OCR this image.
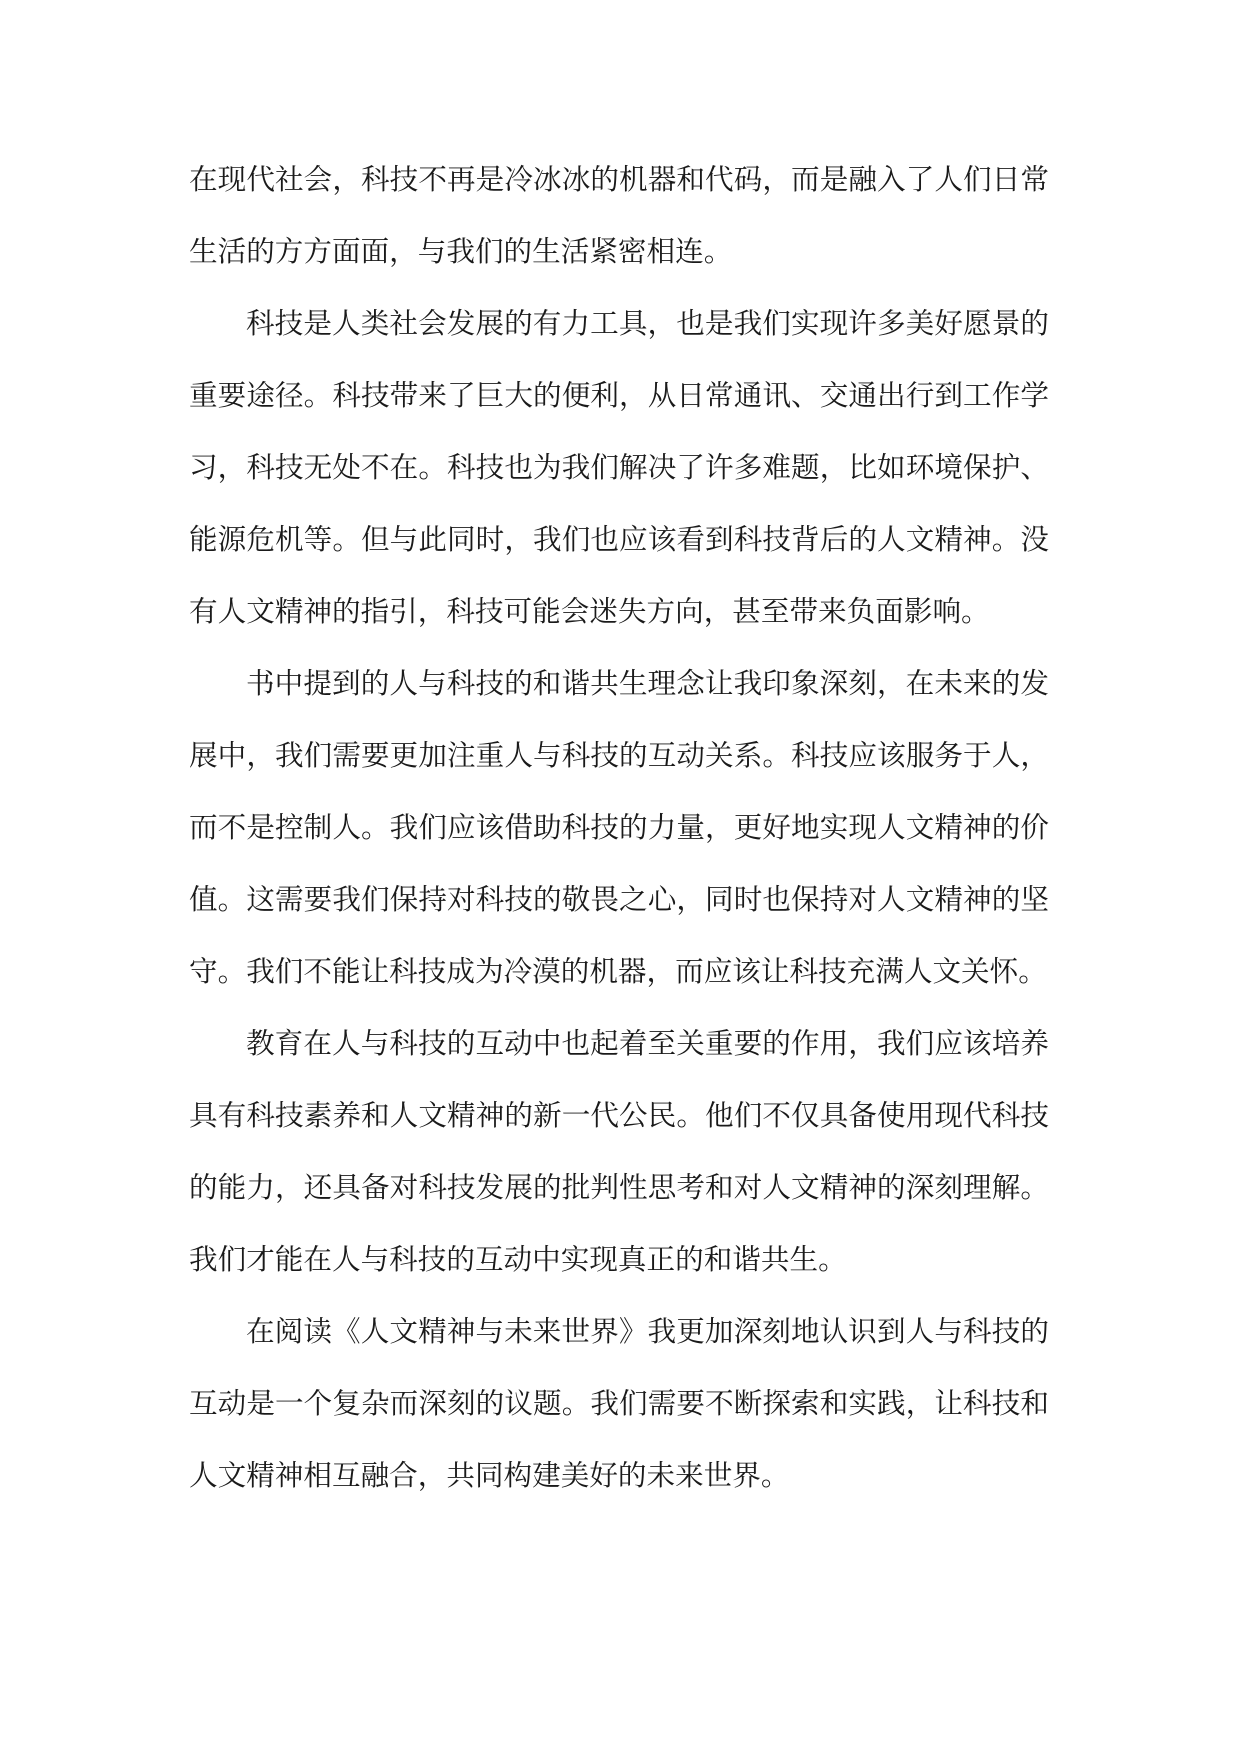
在现代社会，科技不再是冷冰冰的机器和代码，而是融入了人们日常
生活的方方面面，与我们的生活紧密相连。
科技是人类社会发展的有力工具，也是我们实现许多美好愿景的
重要途径。科技带来了巨大的便利，从日常通讯、交通出行到工作学
习，科技无处不在。科技也为我们解决了许多难题，比如环境保护、
能源危机等。但与此同时，我们也应该看到科技背后的人文精神。没
有人文精神的指引，科技可能会迷失方向，甚至带来负面影响。
书中提到的人与科技的和谐共生理念让我印象深刻，在未来的发
展中，我们需要更加注重人与科技的互动关系。科技应该服务于人，
而不是控制人。我们应该借助科技的力量，更好地实现人文精神的价
值。这需要我们保持对科技的敬畏之心，同时也保持对人文精神的坚
守。我们不能让科技成为冷漠的机器，而应该让科技充满人文关怀。
教育在人与科技的互动中也起着至关重要的作用，我们应该培养
具有科技素养和人文精神的新一代公民。他们不仅具备使用现代科技
的能力，还具备对科技发展的批判性思考和对人文精神的深刻理解。
我们才能在人与科技的互动中实现真正的和谐共生。
在阅读《人文精神与未来世界》我更加深刻地认识到人与科技的
互动是一个复杂而深刻的议题。我们需要不断探索和实践，让科技和
人文精神相互融合，共同构建美好的未来世界。
